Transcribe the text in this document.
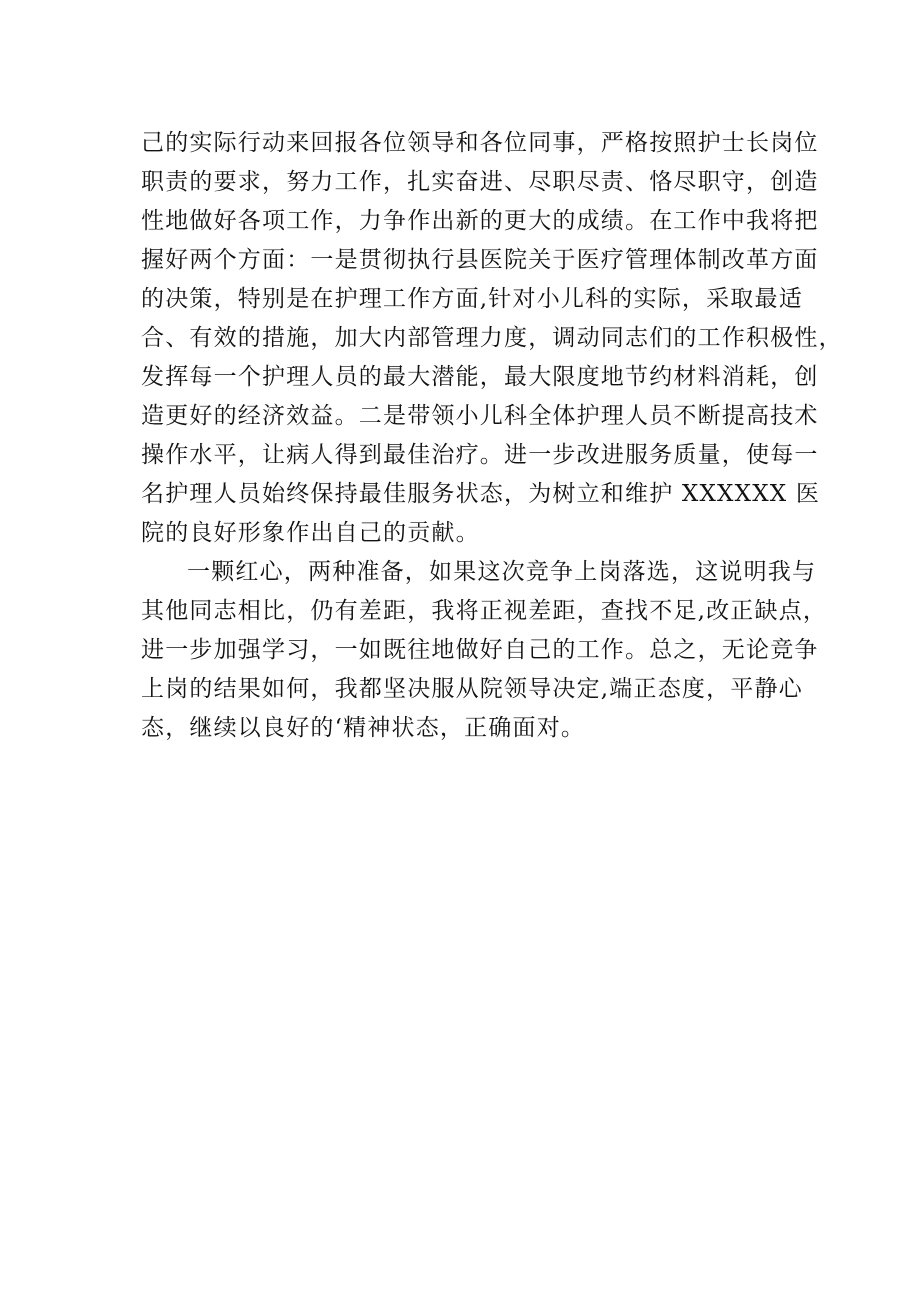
己的实际行动来回报各位领导和各位同事，严格按照护士长岗位
职责的要求，努力工作，扎实奋进、尽职尽责、恪尽职守，创造
性地做好各项工作，力争作出新的更大的成绩。在工作中我将把
握好两个方面：一是贯彻执行县医院关于医疗管理体制改革方面
的决策，特别是在护理工作方面,针对小儿科的实际，采取最适
合、有效的措施，加大内部管理力度，调动同志们的工作积极性，
发挥每一个护理人员的最大潜能，最大限度地节约材料消耗，创
造更好的经济效益。二是带领小儿科全体护理人员不断提高技术
操作水平，让病人得到最佳治疗。进一步改进服务质量，使每一
名护理人员始终保持最佳服务状态，为树立和维护 XXXXXX 医
院的良好形象作出自己的贡献。
一颗红心，两种准备，如果这次竞争上岗落选，这说明我与
其他同志相比，仍有差距，我将正视差距，查找不足,改正缺点，
进一步加强学习，一如既往地做好自己的工作。总之，无论竞争
上岗的结果如何，我都坚决服从院领导决定,端正态度，平静心
态，继续以良好的‘精神状态，正确面对。
